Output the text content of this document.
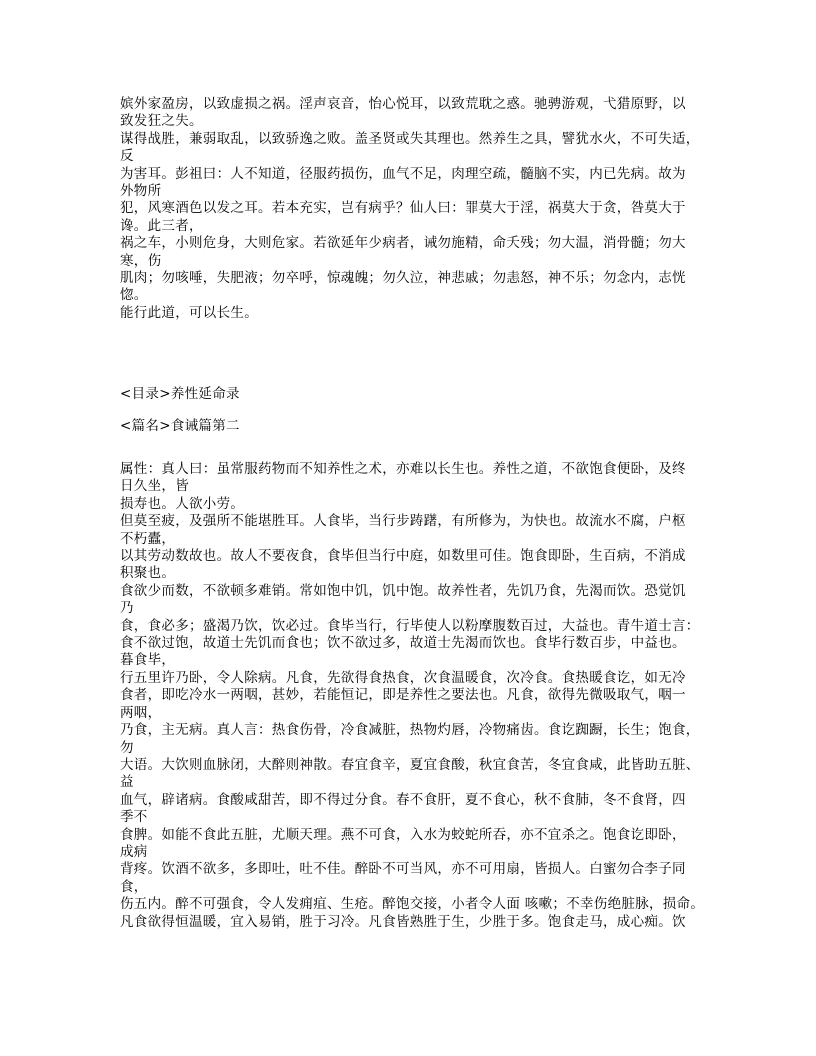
嫔外家盈房，以致虚损之祸。淫声哀音，怡心悦耳，以致荒耽之惑。驰骋游观，弋猎原野，以
致发狂之失。
谋得战胜，兼弱取乱，以致骄逸之败。盖圣贤或失其理也。然养生之具，譬犹水火，不可失适，
反
为害耳。彭祖曰：人不知道，径服药损伤，血气不足，肉理空疏，髓脑不实，内已先病。故为
外物所
犯，风寒酒色以发之耳。若本充实，岂有病乎？仙人曰：罪莫大于淫，祸莫大于贪，咎莫大于
谗。此三者，
祸之车，小则危身，大则危家。若欲延年少病者，诫勿施精，命夭残；勿大温，消骨髓；勿大
寒，伤
肌肉；勿咳唾，失肥液；勿卒呼，惊魂魄；勿久泣，神悲戚；勿恚怒，神不乐；勿念内，志恍
惚。
能行此道，可以长生。
<目录>养性延命录
<篇名>食诫篇第二
属性：真人曰：虽常服药物而不知养性之术，亦难以长生也。养性之道，不欲饱食便卧，及终
日久坐，皆
损寿也。人欲小劳。
但莫至疲，及强所不能堪胜耳。人食毕，当行步踌躇，有所修为，为快也。故流水不腐，户枢
不朽蠹，
以其劳动数故也。故人不要夜食，食毕但当行中庭，如数里可佳。饱食即卧，生百病，不消成
积聚也。
食欲少而数，不欲顿多难销。常如饱中饥，饥中饱。故养性者，先饥乃食，先渴而饮。恐觉饥
乃
食，食必多；盛渴乃饮，饮必过。食毕当行，行毕使人以粉摩腹数百过，大益也。青牛道士言：
食不欲过饱，故道士先饥而食也；饮不欲过多，故道士先渴而饮也。食毕行数百步，中益也。
暮食毕，
行五里许乃卧，令人除病。凡食，先欲得食热食，次食温暖食，次冷食。食热暖食讫，如无冷
食者，即吃冷水一两咽，甚妙，若能恒记，即是养性之要法也。凡食，欲得先微吸取气，咽一
两咽，
乃食，主无病。真人言：热食伤骨，冷食减脏，热物灼唇，冷物痛齿。食讫踟蹰，长生；饱食，
勿
大语。大饮则血脉闭，大醉则神散。春宜食辛，夏宜食酸，秋宜食苦，冬宜食咸，此皆助五脏、
益
血气，辟诸病。食酸咸甜苦，即不得过分食。春不食肝，夏不食心，秋不食肺，冬不食肾，四
季不
食脾。如能不食此五脏，尤顺天理。燕不可食，入水为蛟蛇所吞，亦不宜杀之。饱食讫即卧，
成病
背疼。饮酒不欲多，多即吐，吐不佳。醉卧不可当风，亦不可用扇，皆损人。白蜜勿合李子同
食，
伤五内。醉不可强食，令人发痈疽、生疮。醉饱交接，小者令人面 咳嗽；不幸伤绝脏脉，损命。
凡食欲得恒温暖，宜入易销，胜于习冷。凡食皆熟胜于生，少胜于多。饱食走马，成心痴。饮
